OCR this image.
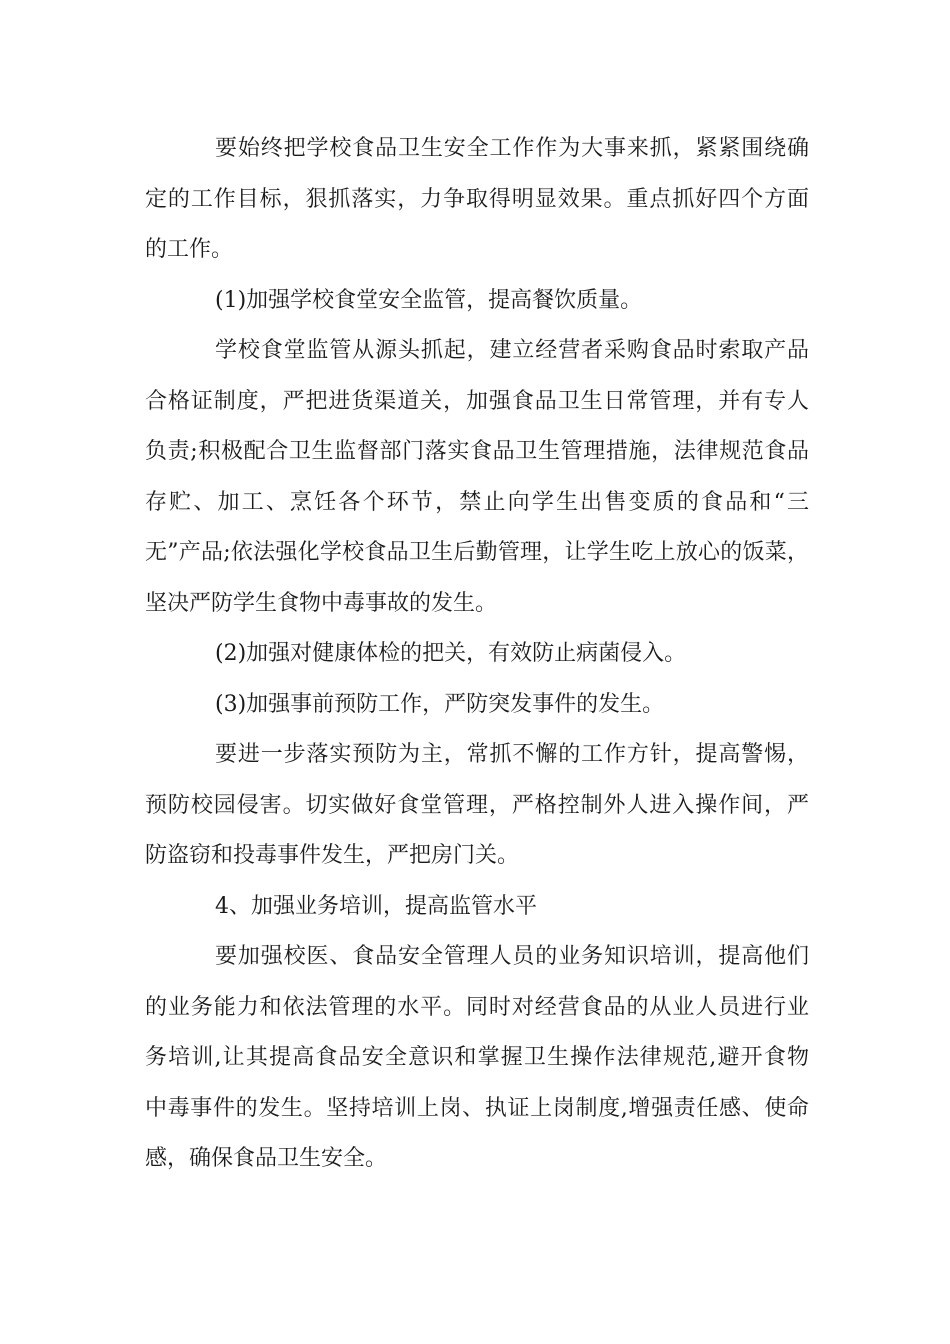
要始终把学校食品卫生安全工作作为大事来抓，紧紧围绕确
定的工作目标，狠抓落实，力争取得明显效果。重点抓好四个方面
的工作。
(1)加强学校食堂安全监管，提高餐饮质量。
学校食堂监管从源头抓起，建立经营者采购食品时索取产品
合格证制度，严把进货渠道关，加强食品卫生日常管理，并有专人
负责;积极配合卫生监督部门落实食品卫生管理措施，法律规范食品
存贮、加工、烹饪各个环节，禁止向学生出售变质的食品和“三
无”产品;依法强化学校食品卫生后勤管理，让学生吃上放心的饭菜，
坚决严防学生食物中毒事故的发生。
(2)加强对健康体检的把关，有效防止病菌侵入。
(3)加强事前预防工作，严防突发事件的发生。
要进一步落实预防为主，常抓不懈的工作方针，提高警惕，
预防校园侵害。切实做好食堂管理，严格控制外人进入操作间，严
防盗窃和投毒事件发生，严把房门关。
4、加强业务培训，提高监管水平
要加强校医、食品安全管理人员的业务知识培训，提高他们
的业务能力和依法管理的水平。同时对经营食品的从业人员进行业
务培训,让其提高食品安全意识和掌握卫生操作法律规范,避开食物
中毒事件的发生。坚持培训上岗、执证上岗制度,增强责任感、使命
感，确保食品卫生安全。
